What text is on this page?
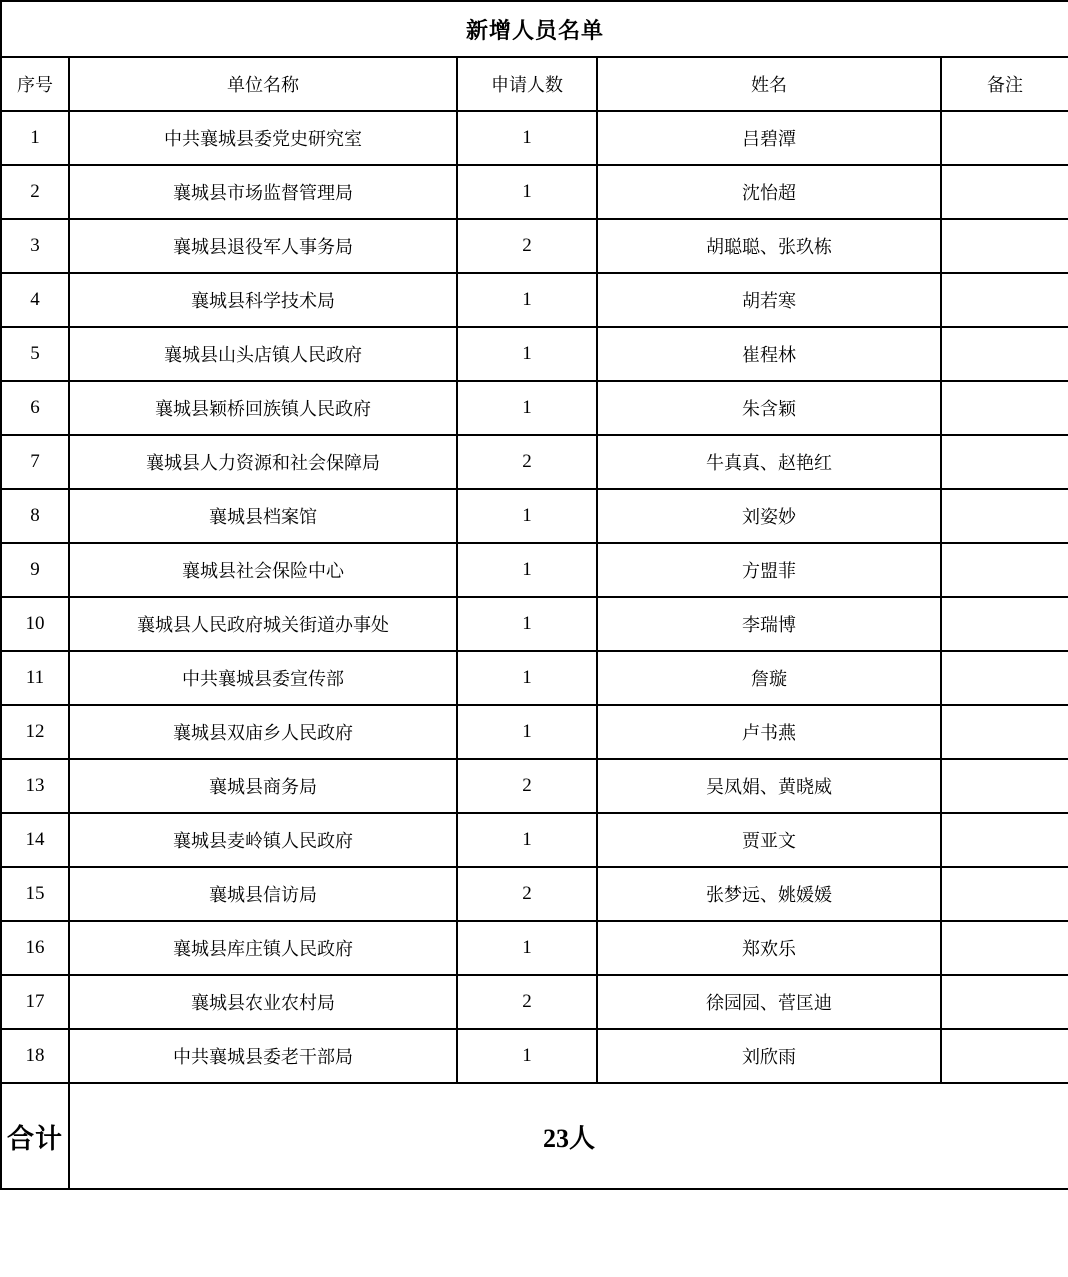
新增人员名单				
序号	单位名称	申请人数	姓名	备注
1	中共襄城县委党史研究室	1	吕碧潭	
2	襄城县市场监督管理局	1	沈怡超	
3	襄城县退役军人事务局	2	胡聪聪、张玖栋	
4	襄城县科学技术局	1	胡若寒	
5	襄城县山头店镇人民政府	1	崔程林	
6	襄城县颖桥回族镇人民政府	1	朱含颖	
7	襄城县人力资源和社会保障局	2	牛真真、赵艳红	
8	襄城县档案馆	1	刘姿妙	
9	襄城县社会保险中心	1	方盟菲	
10	襄城县人民政府城关街道办事处	1	李瑞博	
11	中共襄城县委宣传部	1	詹璇	
12	襄城县双庙乡人民政府	1	卢书燕	
13	襄城县商务局	2	吴凤娟、黄晓威	
14	襄城县麦岭镇人民政府	1	贾亚文	
15	襄城县信访局	2	张梦远、姚媛媛	
16	襄城县库庄镇人民政府	1	郑欢乐	
17	襄城县农业农村局	2	徐园园、菅匡迪	
18	中共襄城县委老干部局	1	刘欣雨	
合计	23人			
